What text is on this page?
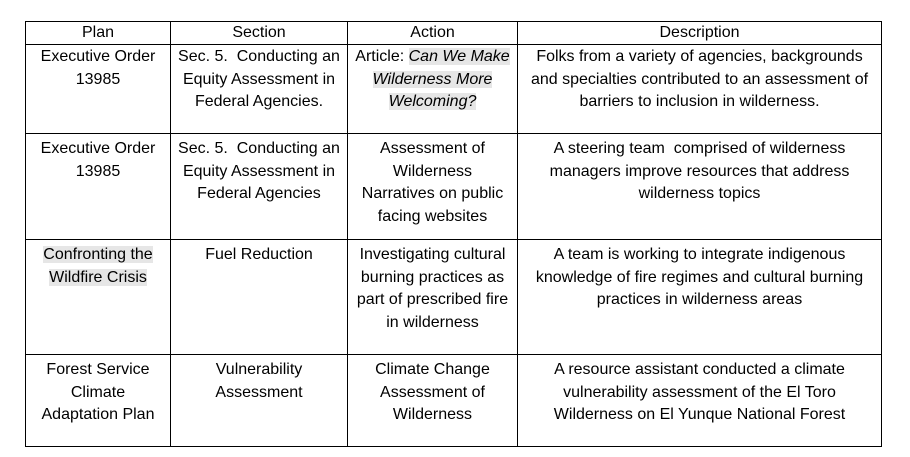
Plan	Section	Action	Description

Executive Order
13985	Sec. 5.  Conducting an
Equity Assessment in
Federal Agencies.	Article: Can We Make
Wilderness More
Welcoming?	Folks from a variety of agencies, backgrounds
and specialties contributed to an assessment of
barriers to inclusion in wilderness.

Executive Order
13985	Sec. 5.  Conducting an
Equity Assessment in
Federal Agencies	Assessment of
Wilderness
Narratives on public
facing websites	A steering team  comprised of wilderness
managers improve resources that address
wilderness topics

Confronting the
Wildfire Crisis	Fuel Reduction	Investigating cultural
burning practices as
part of prescribed fire
in wilderness	A team is working to integrate indigenous
knowledge of fire regimes and cultural burning
practices in wilderness areas

Forest Service
Climate
Adaptation Plan	Vulnerability
Assessment	Climate Change
Assessment of
Wilderness	A resource assistant conducted a climate
vulnerability assessment of the El Toro
Wilderness on El Yunque National Forest
